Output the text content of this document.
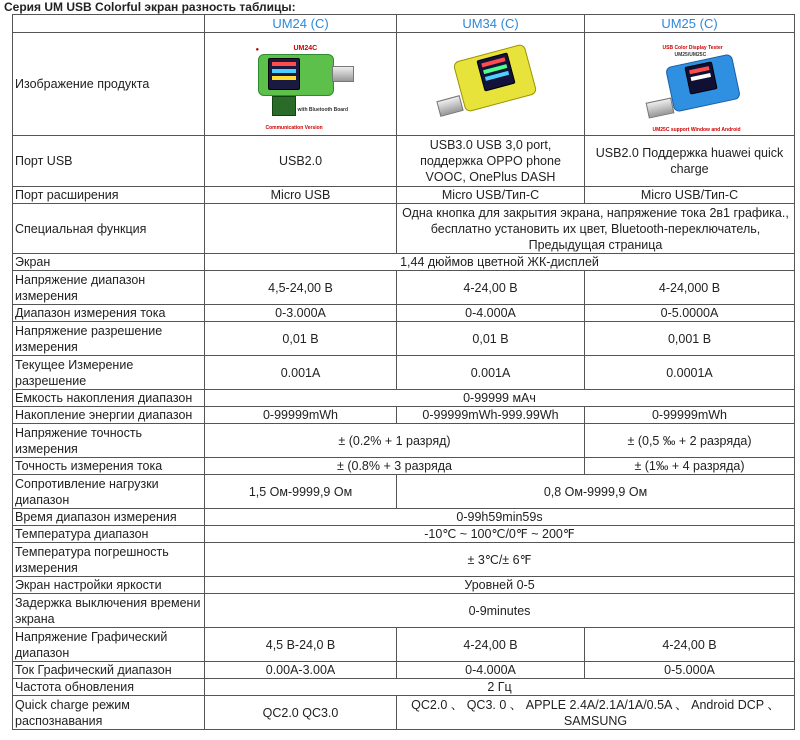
Серия UM USB Colorful экран разность таблицы:
	UM24 (C)	UM34 (C)	UM25 (C)
Изображение продукта	● UM24C
with Bluetooth Board
Communication Version		USB Color Display Tester
UM25/UM25C
UM25C support Window and Android

Порт USB	USB2.0	USB3.0 USB 3,0 port, поддержка OPPO phone VOOC, OnePlus DASH	USB2.0 Поддержка huawei quick charge
Порт расширения	Micro USB	Micro USB/Тип-C	Micro USB/Тип-C
Специальная функция		Одна кнопка для закрытия экрана, напряжение тока 2в1 графика., бесплатно установить их цвет, Bluetooth-переключатель, Предыдущая страница	
Экран	1,44 дюймов цветной ЖК-дисплей		
Напряжение диапазон измерения	4,5-24,00 В	4-24,00 В	4-24,000 В
Диапазон измерения тока	0-3.000A	0-4.000A	0-5.0000A
Напряжение разрешение измерения	0,01 В	0,01 В	0,001 В
Текущее Измерение разрешение	0.001A	0.001A	0.0001A
Емкость накопления диапазон	0-99999 мАч		
Накопление энергии диапазон	0-99999mWh	0-99999mWh-999.99Wh	0-99999mWh
Напряжение точность измерения	± (0.2% + 1 разряд)		± (0,5 ‰ + 2 разряда)
Точность измерения тока	± (0.8% + 3 разряда		± (1‰ + 4 разряда)
Сопротивление нагрузки диапазон	1,5 Ом-9999,9 Ом	0,8 Ом-9999,9 Ом	
Время диапазон измерения	0-99h59min59s		
Температура диапазон	-10℃ ~ 100℃/0℉ ~ 200℉		
Температура погрешность измерения	± 3℃/± 6℉		
Экран настройки яркости	Уровней 0-5		
Задержка выключения времени экрана	0-9minutes		
Напряжение Графический диапазон	4,5 В-24,0 В	4-24,00 В	4-24,00 В
Ток Графический диапазон	0.00A-3.00A	0-4.000A	0-5.000A
Частота обновления	2 Гц		
Quick charge режим распознавания	QC2.0 QC3.0	QC2.0 、 QC3. 0 、 APPLE 2.4A/2.1A/1A/0.5A 、 Android DCP 、 SAMSUNG	
